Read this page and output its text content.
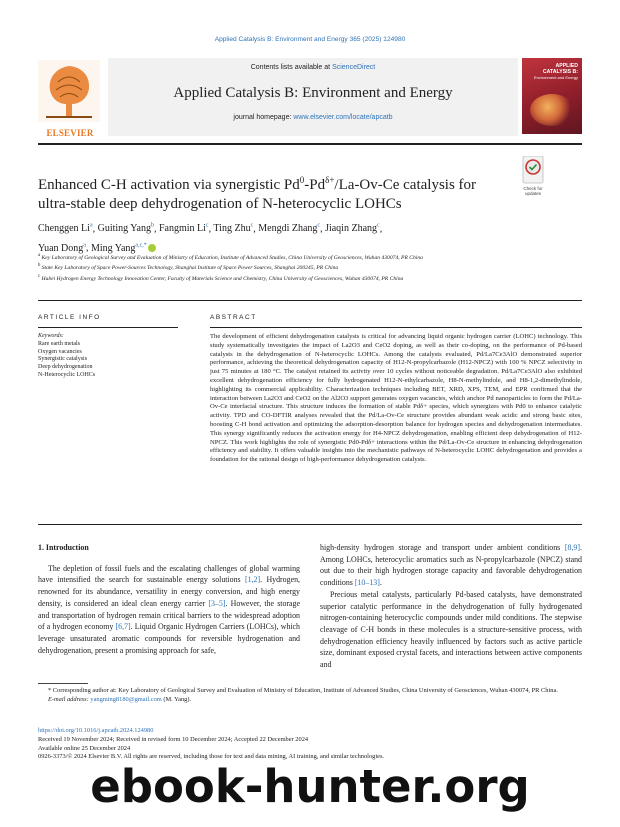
Applied Catalysis B: Environment and Energy 365 (2025) 124980
ELSEVIER
Contents lists available at ScienceDirect
Applied Catalysis B: Environment and Energy
journal homepage: www.elsevier.com/locate/apcatb
APPLIED
CATALYSIS B:
Environment and Energy
Enhanced C-H activation via synergistic $Pd^0-Pd^{\delta+}/La-Ov-Ce$ catalysis for
ultra-stable deep dehydrogenation of N-heterocyclic LOHCs
Check for
updates
Chenggen Li$^a$, Guiting Yang$^b$, Fangmin Li$^c$, Ting Zhu$^c$, Mengdi Zhang$^c$, Jiaqin Zhang$^c$,
Yuan Dong$^a$, Ming Yang$^{a,c,*}$
$^a$ Key Laboratory of Geological Survey and Evaluation of Ministry of Education, Institute of Advanced Studies, China University of Geosciences, Wuhan 430074, PR China
$^b$ State Key Laboratory of Space Power-Sources Technology, Shanghai Institute of Space Power Sources, Shanghai 200245, PR China
$^c$ Hubei Hydrogen Energy Technology Innovation Center, Faculty of Materials Science and Chemistry, China University of Geosciences, Wuhan 430074, PR China
ARTICLE INFO	ABSTRACT
Keywords:
Rare earth metals
Oxygen vacancies
Synergistic catalysis
Deep dehydrogenation
N-Heterocyclic LOHCs

The development of efficient dehydrogenation catalysts is critical for advancing liquid organic hydrogen carrier (LOHC) technology. This study systematically investigates the impact of La2O3 and CeO2 doping, as well as their co-doping, on the performance of Pd-based catalysts in the dehydrogenation of N-heterocyclic LOHCs. Among the catalysts evaluated, Pd/La7Ce3AlO demonstrated superior performance, achieving the theoretical dehydrogenation capacity of H12-N-propylcarbazole (H12-NPCZ) with 100 % NPCZ selectivity in just 75 minutes at 180 °C. The catalyst retained its activity over 10 cycles without noticeable degradation. Pd/La7Ce3AlO also exhibited excellent dehydrogenation efficiency for fully hydrogenated H12-N-ethylcarbazole, H8-N-methylindole, and H8-1,2-dimethylindole, highlighting its commercial applicability. Characterization techniques including BET, XRD, XPS, TEM, and EPR confirmed that the interaction between La2O3 and CeO2 on the Al2O3 support generates oxygen vacancies, which anchor Pd nanoparticles to form the Pd/La-Ov-Ce interfacial structure. This structure induces the formation of stable Pdδ+ species, which synergizes with Pd0 to enhance catalytic activity. TPD and CO-DFTIR analyses revealed that the Pd/La-Ov-Ce structure provides abundant weak acidic and strong basic sites, boosting C-H bond activation and optimizing the adsorption-desorption balance for hydrogen species and dehydrogenation intermediates. This synergy significantly reduces the activation energy for H4-NPCZ dehydrogenation, enabling efficient deep dehydrogenation of H12-NPCZ. This work highlights the role of synergistic Pd0-Pdδ+ interactions within the Pd/La-Ov-Ce structure in enhancing dehydrogenation efficiency and stability. It offers valuable insights into the mechanistic pathways of N-heterocyclic LOHC dehydrogenation and provides a foundation for the rational design of high-performance dehydrogenation catalysts.

1. Introduction

The depletion of fossil fuels and the escalating challenges of global warming have intensified the search for sustainable energy solutions [1,2]. Hydrogen, renowned for its abundance, versatility in energy conversion, and high energy density, is considered an ideal clean energy carrier [3–5]. However, the storage and transportation of hydrogen remain critical barriers to the widespread adoption of a hydrogen economy [6,7]. Liquid Organic Hydrogen Carriers (LOHCs), which leverage unsaturated aromatic compounds for reversible hydrogenation and dehydrogenation, present a promising approach for safe,

high-density hydrogen storage and transport under ambient conditions [8,9]. Among LOHCs, heterocyclic aromatics such as N-propylcarbazole (NPCZ) stand out due to their high hydrogen storage capacity and favorable dehydrogenation conditions [10–13].

Precious metal catalysts, particularly Pd-based catalysts, have demonstrated superior catalytic performance in the dehydrogenation of fully hydrogenated nitrogen-containing heterocyclic compounds under mild conditions. The stepwise cleavage of C-H bonds in these molecules is a structure-sensitive process, with dehydrogenation efficiency heavily influenced by factors such as active particle size, dominant exposed crystal facets, and interactions between active components and

* Corresponding author at: Key Laboratory of Geological Survey and Evaluation of Ministry of Education, Institute of Advanced Studies, China University of Geosciences, Wuhan 430074, PR China.
E-mail address: yangming8180@gmail.com (M. Yang).
https://doi.org/10.1016/j.apcatb.2024.124980
Received 19 November 2024; Received in revised form 10 December 2024; Accepted 22 December 2024
Available online 25 December 2024
0926-3373/© 2024 Elsevier B.V. All rights are reserved, including those for text and data mining, AI training, and similar technologies.
ebook-hunter.org
